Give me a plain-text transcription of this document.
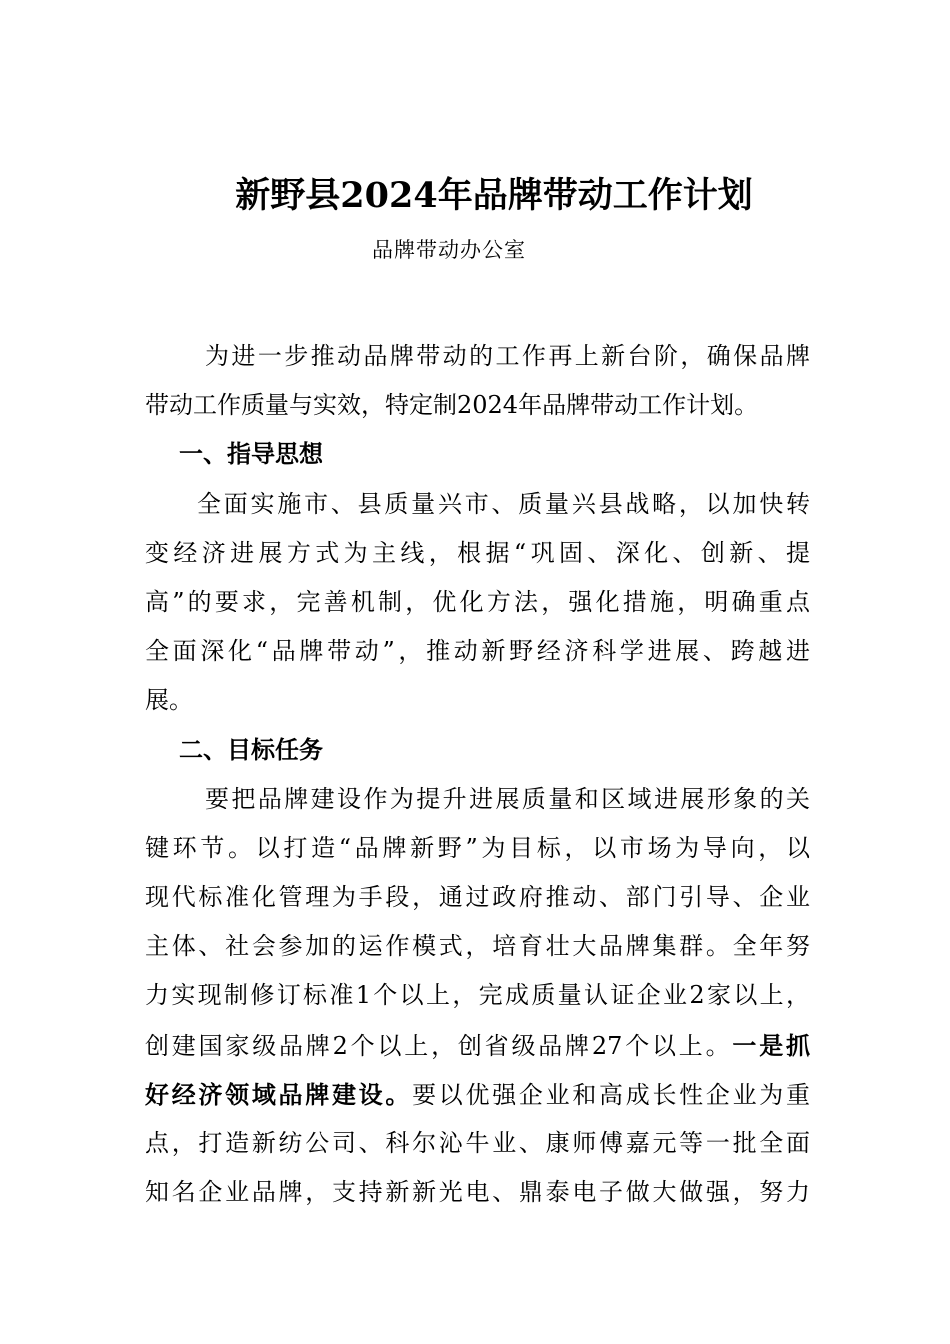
新野县2024年品牌带动工作计划
品牌带动办公室
为进一步推动品牌带动的工作再上新台阶，确保品牌
带动工作质量与实效，特定制2024年品牌带动工作计划。
一、指导思想
全面实施市、县质量兴市、质量兴县战略，以加快转
变经济进展方式为主线，根据“巩固、深化、创新、提
高”的要求，完善机制，优化方法，强化措施，明确重点
全面深化“品牌带动”，推动新野经济科学进展、跨越进
展。
二、目标任务
要把品牌建设作为提升进展质量和区域进展形象的关
键环节。以打造“品牌新野”为目标，以市场为导向，以
现代标准化管理为手段，通过政府推动、部门引导、企业
主体、社会参加的运作模式，培育壮大品牌集群。全年努
力实现制修订标准1个以上，完成质量认证企业2家以上，
创建国家级品牌2个以上，创省级品牌27个以上。一是抓
好经济领域品牌建设。要以优强企业和高成长性企业为重
点，打造新纺公司、科尔沁牛业、康师傅嘉元等一批全面
知名企业品牌，支持新新光电、鼎泰电子做大做强，努力
